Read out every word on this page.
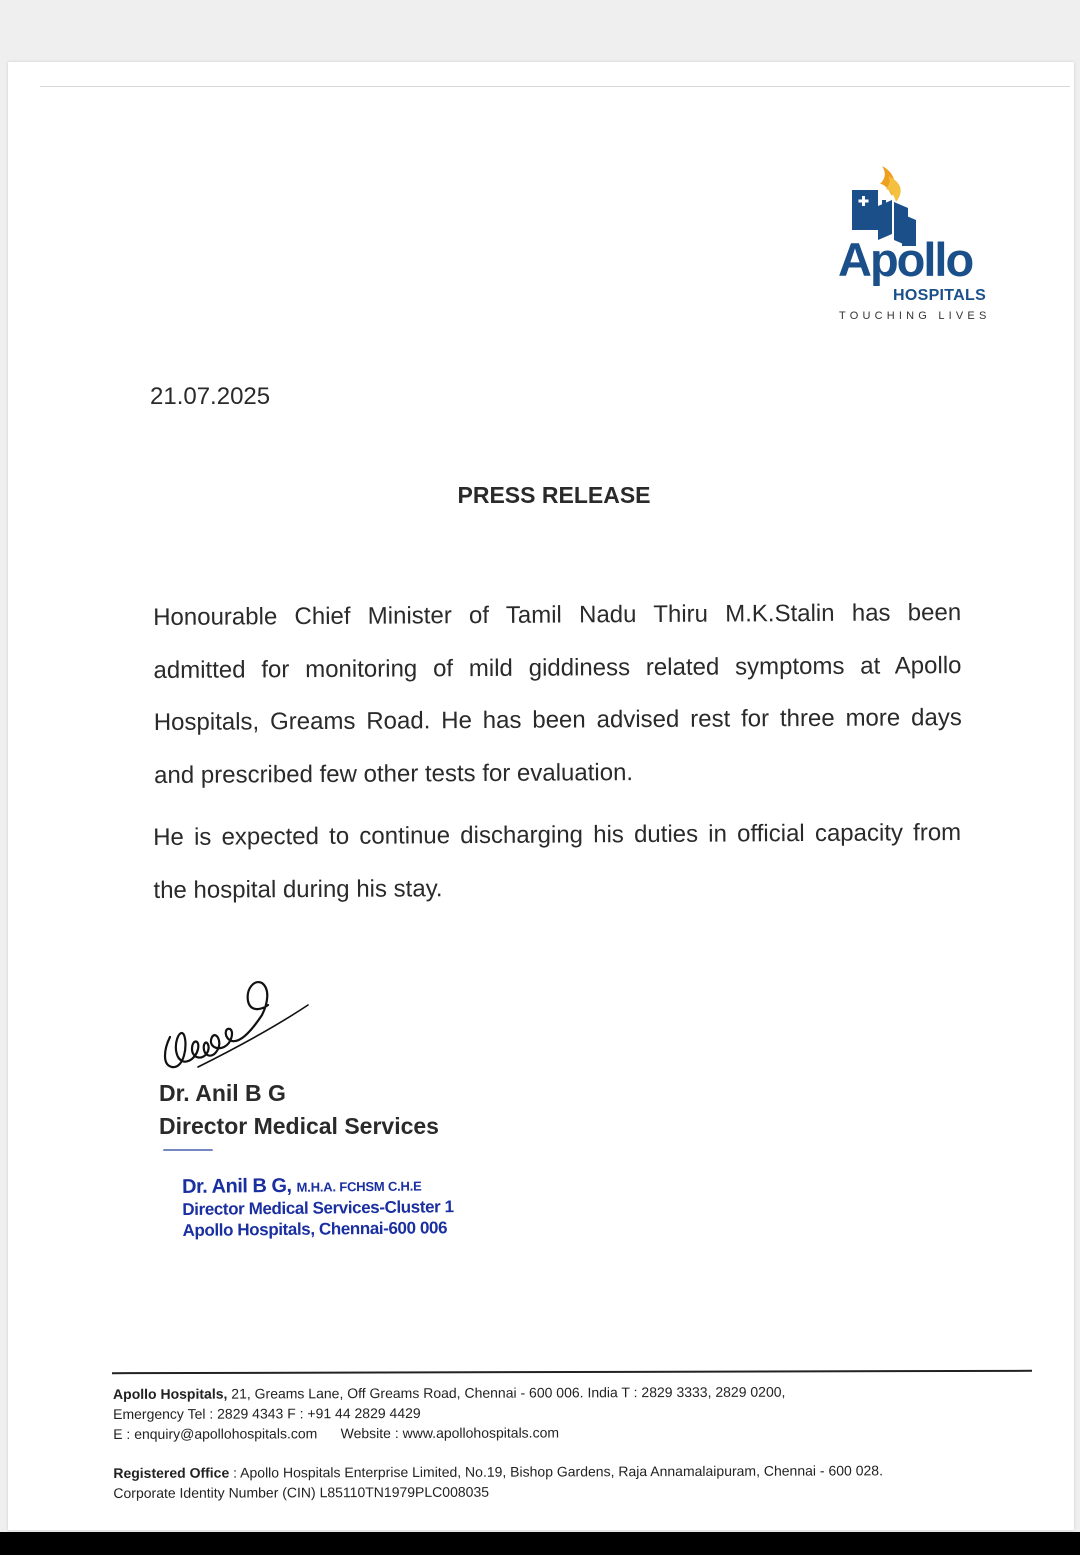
Apollo
HOSPITALS
TOUCHING LIVES
21.07.2025
PRESS RELEASE

Honourable Chief Minister of Tamil Nadu Thiru M.K.Stalin has been admitted for monitoring of mild giddiness related symptoms at Apollo Hospitals, Greams Road. He has been advised rest for three more days and prescribed few other tests for evaluation.

He is expected to continue discharging his duties in official capacity from the hospital during his stay.

Dr. Anil B G
Director Medical Services
Dr. Anil B G, M.H.A. FCHSM C.H.E
Director Medical Services-Cluster 1
Apollo Hospitals, Chennai-600 006
Apollo Hospitals, 21, Greams Lane, Off Greams Road, Chennai - 600 006. India T : 2829 3333, 2829 0200,
Emergency Tel : 2829 4343 F : +91 44 2829 4429
E : enquiry@apollohospitals.com Website : www.apollohospitals.com
Registered Office : Apollo Hospitals Enterprise Limited, No.19, Bishop Gardens, Raja Annamalaipuram, Chennai - 600 028.
Corporate Identity Number (CIN) L85110TN1979PLC008035
